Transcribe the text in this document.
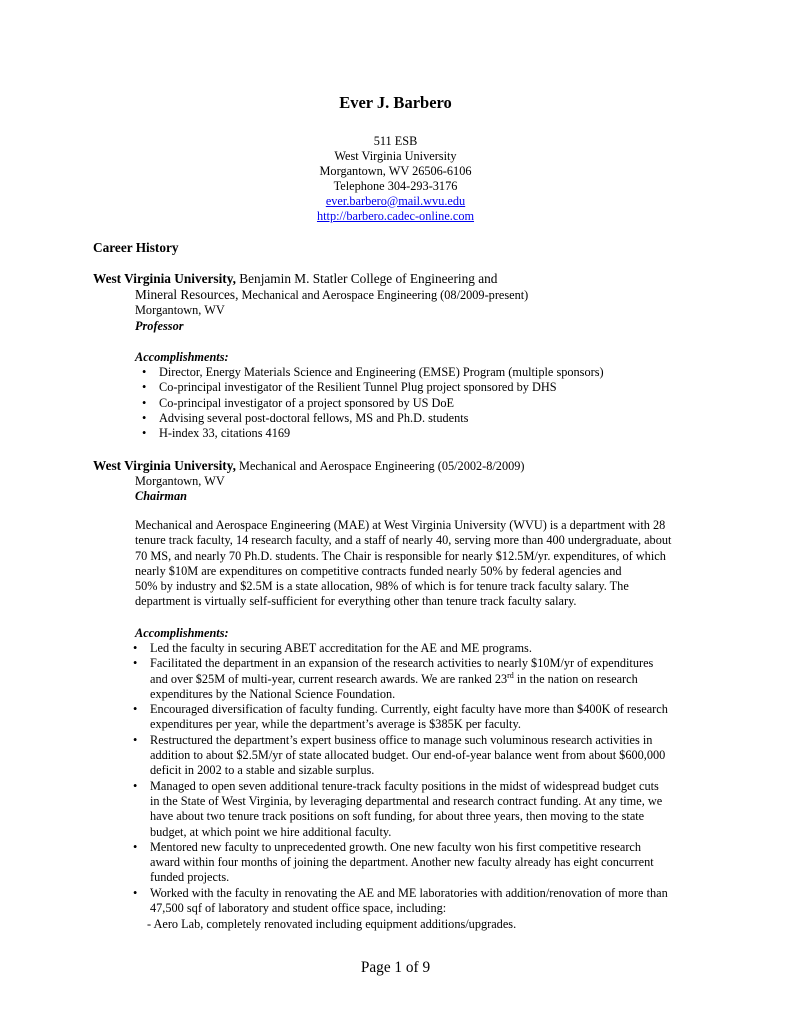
Ever J. Barbero
511 ESB
West Virginia University
Morgantown, WV 26506-6106
Telephone 304-293-3176
ever.barbero@mail.wvu.edu
http://barbero.cadec-online.com
Career History
West Virginia University, Benjamin M. Statler College of Engineering and
Mineral Resources, Mechanical and Aerospace Engineering (08/2009-present)
Morgantown, WV
Professor
Accomplishments:
• Director, Energy Materials Science and Engineering (EMSE) Program (multiple sponsors)
• Co-principal investigator of the Resilient Tunnel Plug project sponsored by DHS
• Co-principal investigator of a project sponsored by US DoE
• Advising several post-doctoral fellows, MS and Ph.D. students
• H-index 33, citations 4169
West Virginia University, Mechanical and Aerospace Engineering (05/2002-8/2009)
Morgantown, WV
Chairman
Mechanical and Aerospace Engineering (MAE) at West Virginia University (WVU) is a department with 28
tenure track faculty, 14 research faculty, and a staff of nearly 40, serving more than 400 undergraduate, about
70 MS, and nearly 70 Ph.D. students. The Chair is responsible for nearly $12.5M/yr. expenditures, of which
nearly $10M are expenditures on competitive contracts funded nearly 50% by federal agencies and
50% by industry and $2.5M is a state allocation, 98% of which is for tenure track faculty salary. The
department is virtually self-sufficient for everything other than tenure track faculty salary.
Accomplishments:
• Led the faculty in securing ABET accreditation for the AE and ME programs.
• Facilitated the department in an expansion of the research activities to nearly $10M/yr of expenditures
and over $25M of multi-year, current research awards. We are ranked 23rd in the nation on research
expenditures by the National Science Foundation.
• Encouraged diversification of faculty funding. Currently, eight faculty have more than $400K of research
expenditures per year, while the department’s average is $385K per faculty.
• Restructured the department’s expert business office to manage such voluminous research activities in
addition to about $2.5M/yr of state allocated budget. Our end-of-year balance went from about $600,000
deficit in 2002 to a stable and sizable surplus.
• Managed to open seven additional tenure-track faculty positions in the midst of widespread budget cuts
in the State of West Virginia, by leveraging departmental and research contract funding. At any time, we
have about two tenure track positions on soft funding, for about three years, then moving to the state
budget, at which point we hire additional faculty.
• Mentored new faculty to unprecedented growth. One new faculty won his first competitive research
award within four months of joining the department. Another new faculty already has eight concurrent
funded projects.
• Worked with the faculty in renovating the AE and ME laboratories with addition/renovation of more than
47,500 sqf of laboratory and student office space, including:
- Aero Lab, completely renovated including equipment additions/upgrades.
Page 1 of 9
